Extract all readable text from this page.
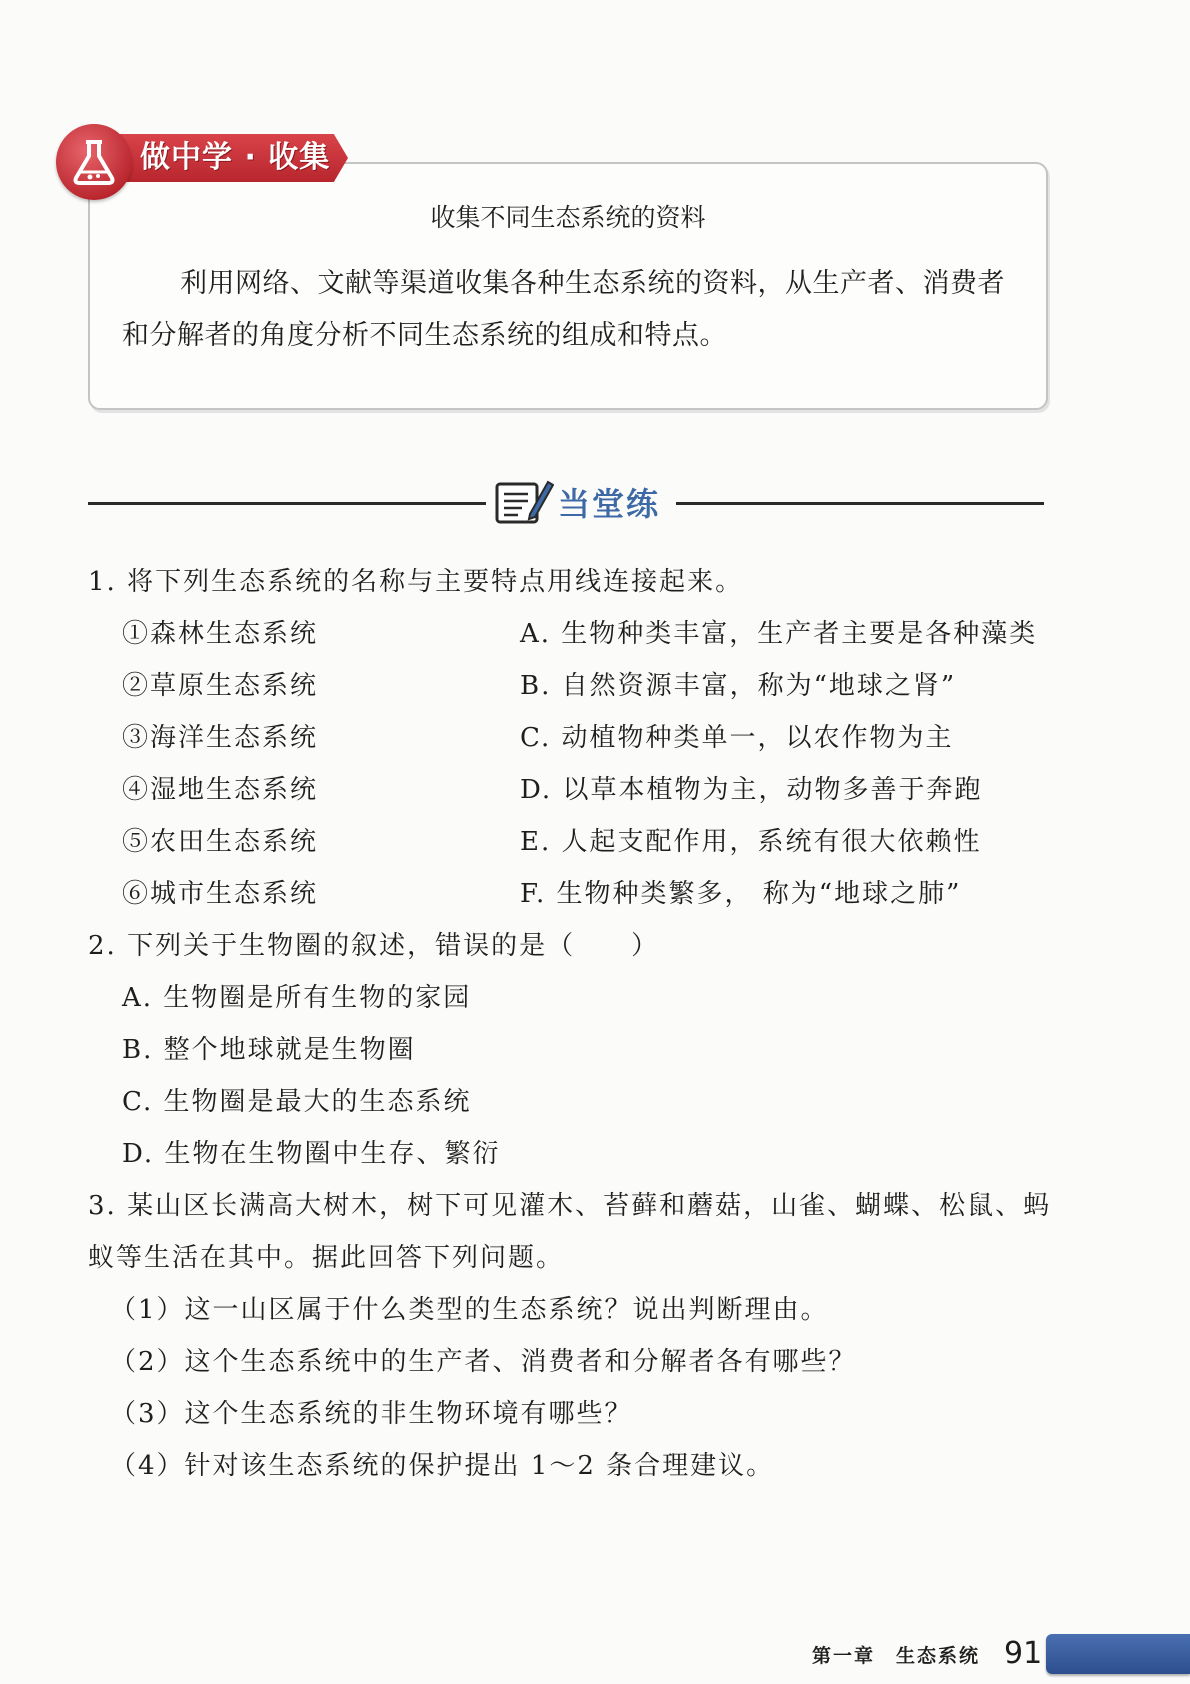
做中学 · 收集
收集不同生态系统的资料
利用网络、文献等渠道收集各种生态系统的资料，从生产者、消费者和分解者的角度分析不同生态系统的组成和特点。
当堂练
1. 将下列生态系统的名称与主要特点用线连接起来。
①森林生态系统
②草原生态系统
③海洋生态系统
④湿地生态系统
⑤农田生态系统
⑥城市生态系统
A. 生物种类丰富，生产者主要是各种藻类
B. 自然资源丰富，称为“地球之肾”
C. 动植物种类单一，以农作物为主
D. 以草本植物为主，动物多善于奔跑
E. 人起支配作用，系统有很大依赖性
F. 生物种类繁多， 称为“地球之肺”
2. 下列关于生物圈的叙述，错误的是（　　）
A. 生物圈是所有生物的家园
B. 整个地球就是生物圈
C. 生物圈是最大的生态系统
D. 生物在生物圈中生存、繁衍
3. 某山区长满高大树木，树下可见灌木、苔藓和蘑菇，山雀、蝴蝶、松鼠、蚂
蚁等生活在其中。据此回答下列问题。
（1）这一山区属于什么类型的生态系统？说出判断理由。
（2）这个生态系统中的生产者、消费者和分解者各有哪些？
（3）这个生态系统的非生物环境有哪些？
（4）针对该生态系统的保护提出 1～2 条合理建议。
第一章　生态系统 91
